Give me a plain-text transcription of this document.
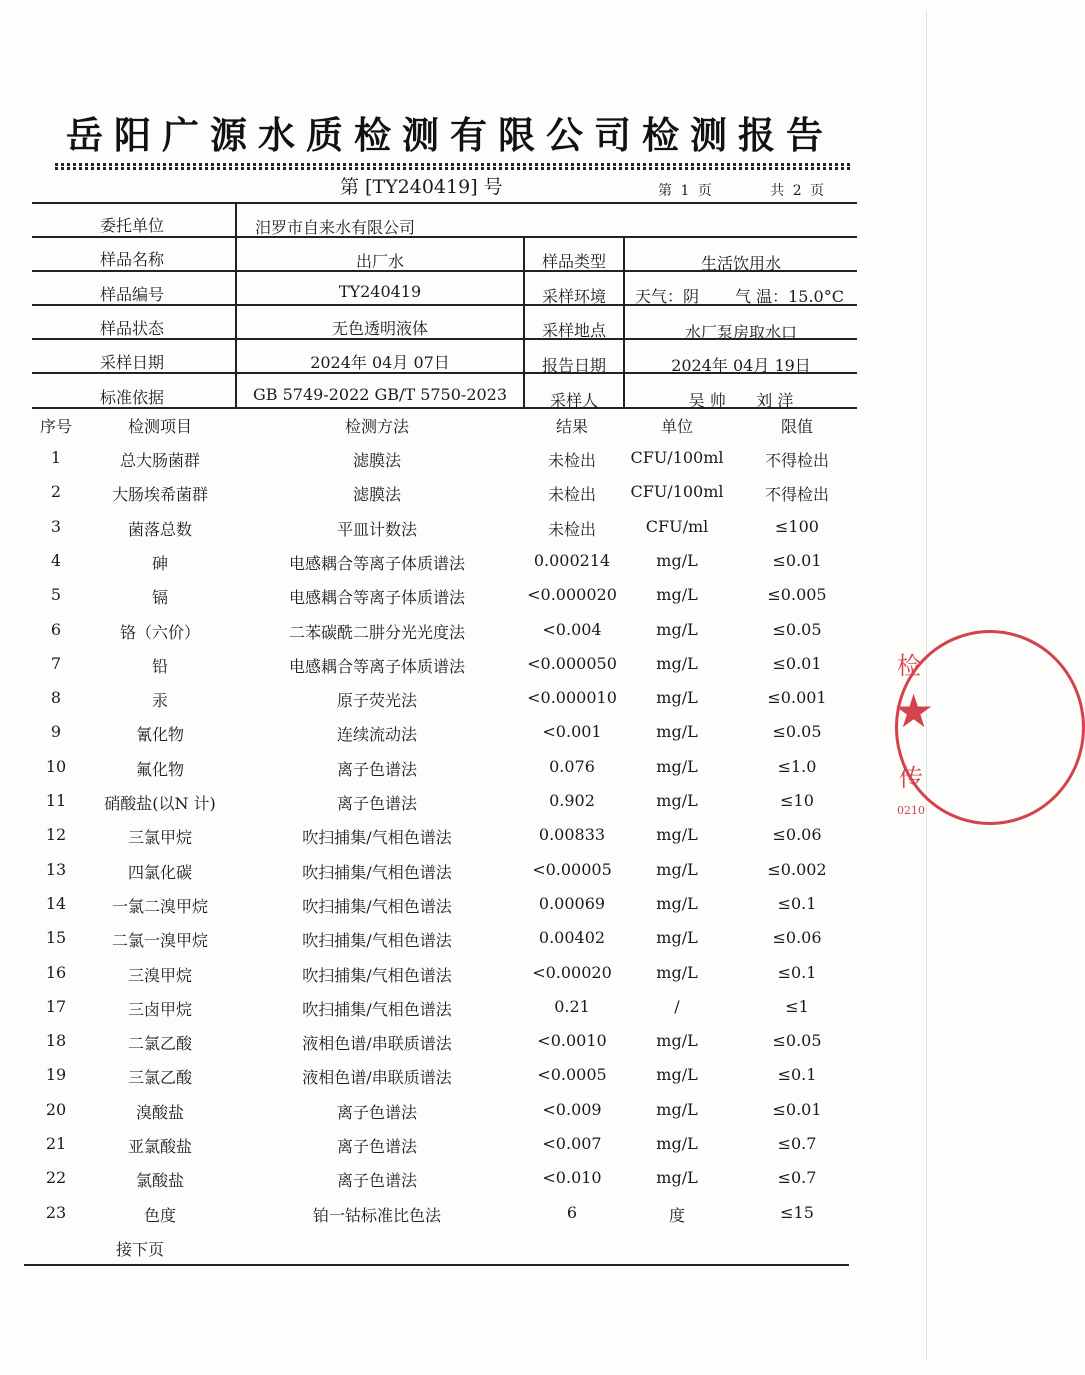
岳阳广源水质检测有限公司检测报告
第 [TY240419] 号	第 1 页	共 2 页
委托单位	汨罗市自来水有限公司
样品名称	出厂水	样品类型	生活饮用水
样品编号	TY240419	采样环境	天气：阴	气 温：15.0°C
样品状态	无色透明液体	采样地点	水厂泵房取水口
采样日期	2024年 04月 07日	报告日期	2024年 04月 19日
标准依据	GB 5749-2022 GB/T 5750-2023	采样人	吴 帅      刘 洋
序号	检测项目	检测方法	结果	单位	限值
1	总大肠菌群	滤膜法	未检出	CFU/100ml	不得检出
2	大肠埃希菌群	滤膜法	未检出	CFU/100ml	不得检出
3	菌落总数	平皿计数法	未检出	CFU/ml	≤100
4	砷	电感耦合等离子体质谱法	0.000214	mg/L	≤0.01
5	镉	电感耦合等离子体质谱法	<0.000020	mg/L	≤0.005
6	铬（六价）	二苯碳酰二肼分光光度法	<0.004	mg/L	≤0.05
7	铅	电感耦合等离子体质谱法	<0.000050	mg/L	≤0.01
8	汞	原子荧光法	<0.000010	mg/L	≤0.001
9	氰化物	连续流动法	<0.001	mg/L	≤0.05
10	氟化物	离子色谱法	0.076	mg/L	≤1.0
11	硝酸盐(以N 计)	离子色谱法	0.902	mg/L	≤10
12	三氯甲烷	吹扫捕集/气相色谱法	0.00833	mg/L	≤0.06
13	四氯化碳	吹扫捕集/气相色谱法	<0.00005	mg/L	≤0.002
14	一氯二溴甲烷	吹扫捕集/气相色谱法	0.00069	mg/L	≤0.1
15	二氯一溴甲烷	吹扫捕集/气相色谱法	0.00402	mg/L	≤0.06
16	三溴甲烷	吹扫捕集/气相色谱法	<0.00020	mg/L	≤0.1
17	三卤甲烷	吹扫捕集/气相色谱法	0.21	/	≤1
18	二氯乙酸	液相色谱/串联质谱法	<0.0010	mg/L	≤0.05
19	三氯乙酸	液相色谱/串联质谱法	<0.0005	mg/L	≤0.1
20	溴酸盐	离子色谱法	<0.009	mg/L	≤0.01
21	亚氯酸盐	离子色谱法	<0.007	mg/L	≤0.7
22	氯酸盐	离子色谱法	<0.010	mg/L	≤0.7
23	色度	铂一钴标准比色法	6	度	≤15
接下页
检
★
传
0210
